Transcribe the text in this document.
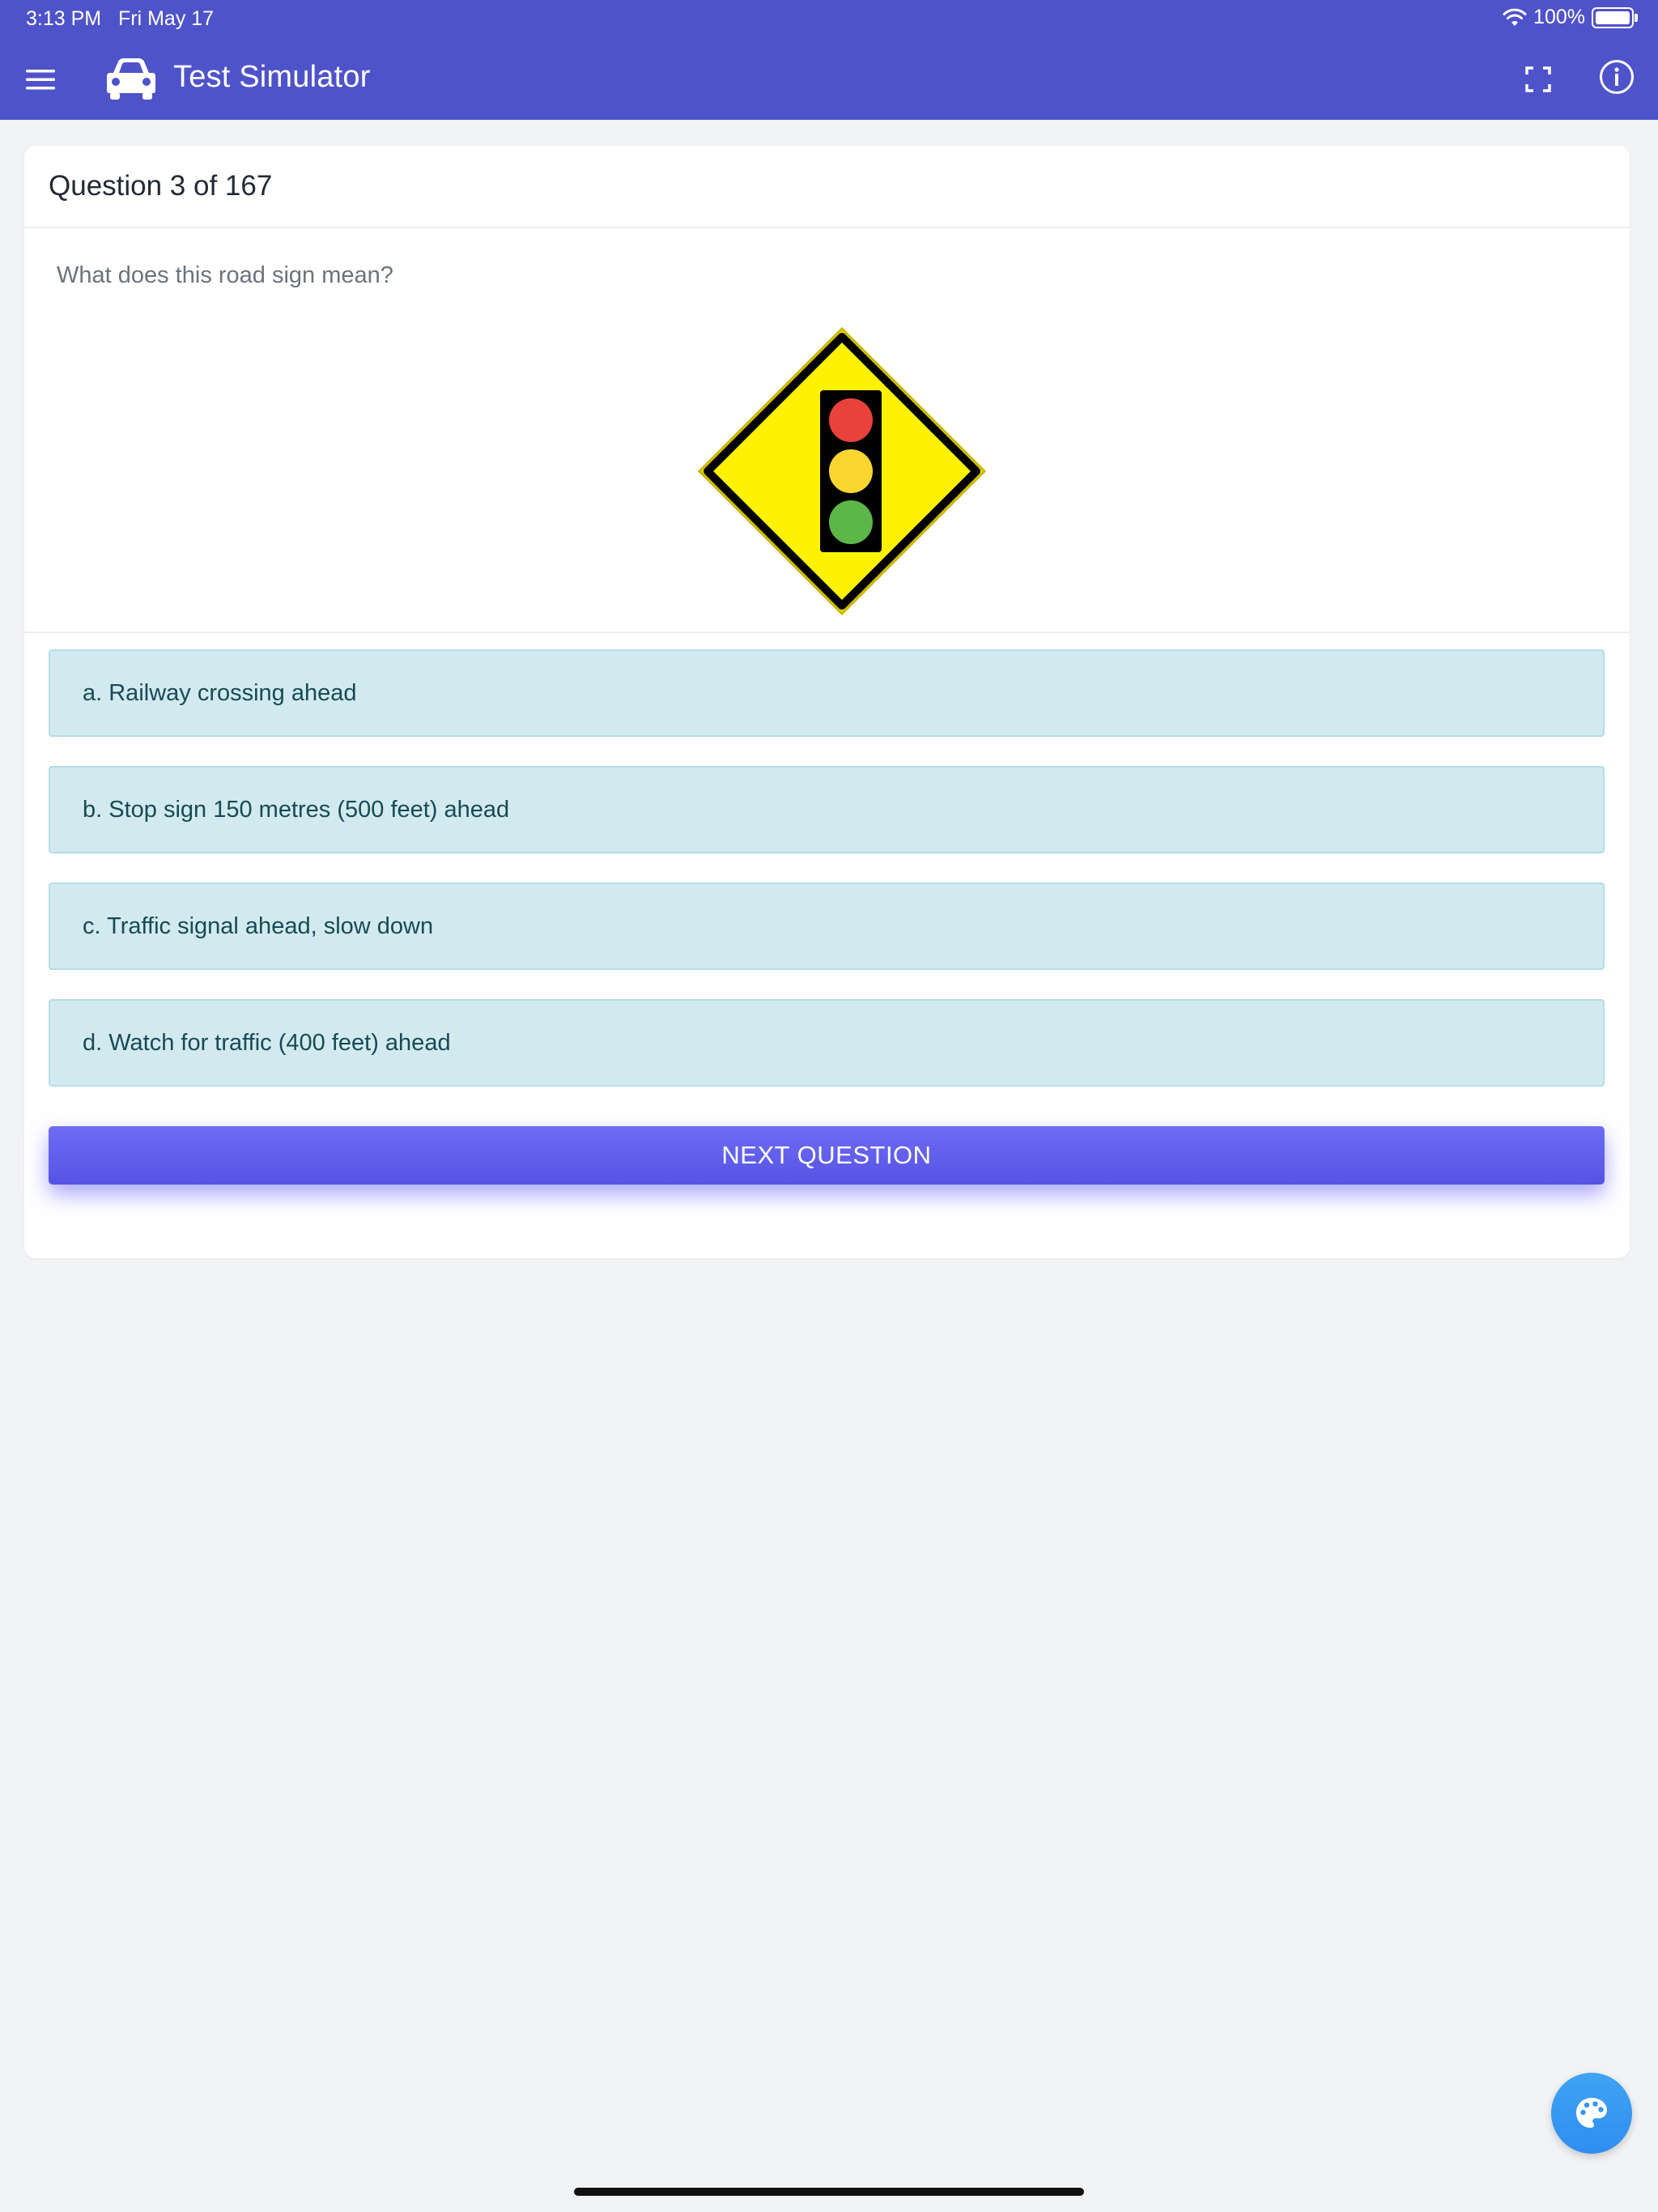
3:13 PM Fri May 17	100%
Test Simulator
Question 3 of 167
What does this road sign mean?
a. Railway crossing ahead
b. Stop sign 150 metres (500 feet) ahead
c. Traffic signal ahead, slow down
d. Watch for traffic (400 feet) ahead
NEXT QUESTION
